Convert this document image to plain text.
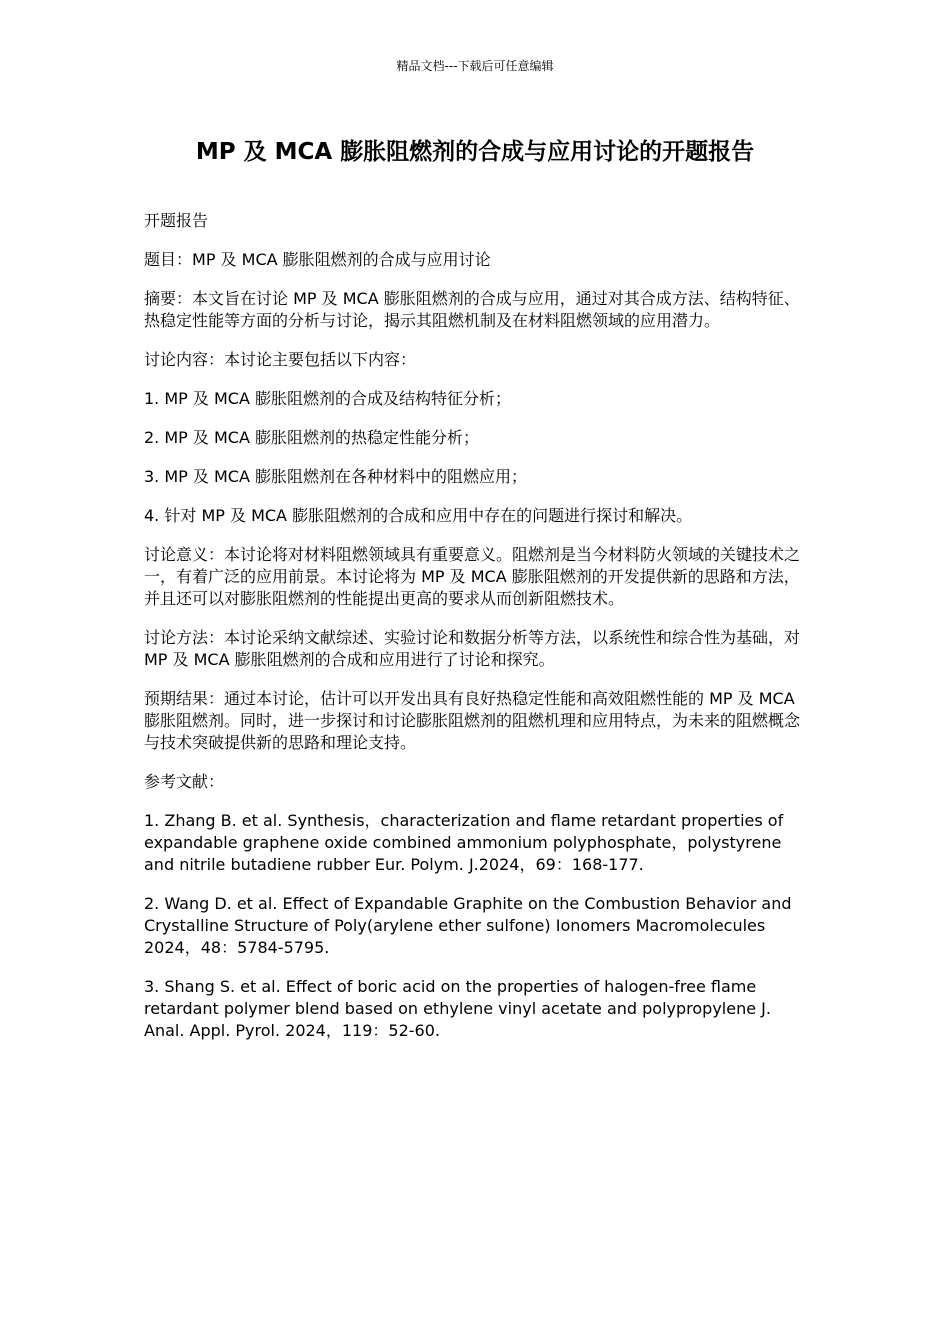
精品文档---下载后可任意编辑
MP 及 MCA 膨胀阻燃剂的合成与应用讨论的开题报告

开题报告

题目：MP 及 MCA 膨胀阻燃剂的合成与应用讨论

摘要：本文旨在讨论 MP 及 MCA 膨胀阻燃剂的合成与应用，通过对其合成方法、结构特征、热稳定性能等方面的分析与讨论，揭示其阻燃机制及在材料阻燃领域的应用潜力。

讨论内容：本讨论主要包括以下内容：

1. MP 及 MCA 膨胀阻燃剂的合成及结构特征分析；

2. MP 及 MCA 膨胀阻燃剂的热稳定性能分析；

3. MP 及 MCA 膨胀阻燃剂在各种材料中的阻燃应用；

4. 针对 MP 及 MCA 膨胀阻燃剂的合成和应用中存在的问题进行探讨和解决。

讨论意义：本讨论将对材料阻燃领域具有重要意义。阻燃剂是当今材料防火领域的关键技术之一，有着广泛的应用前景。本讨论将为 MP 及 MCA 膨胀阻燃剂的开发提供新的思路和方法，并且还可以对膨胀阻燃剂的性能提出更高的要求从而创新阻燃技术。

讨论方法：本讨论采纳文献综述、实验讨论和数据分析等方法，以系统性和综合性为基础，对 MP 及 MCA 膨胀阻燃剂的合成和应用进行了讨论和探究。

预期结果：通过本讨论，估计可以开发出具有良好热稳定性能和高效阻燃性能的 MP 及 MCA 膨胀阻燃剂。同时，进一步探讨和讨论膨胀阻燃剂的阻燃机理和应用特点，为未来的阻燃概念与技术突破提供新的思路和理论支持。

参考文献：

1. Zhang B. et al. Synthesis，characterization and flame retardant properties of expandable graphene oxide combined ammonium polyphosphate，polystyrene and nitrile butadiene rubber Eur. Polym. J.2024，69：168-177.

2. Wang D. et al. Effect of Expandable Graphite on the Combustion Behavior and Crystalline Structure of Poly(arylene ether sulfone) Ionomers Macromolecules 2024，48：5784-5795.

3. Shang S. et al. Effect of boric acid on the properties of halogen-free flame retardant polymer blend based on ethylene vinyl acetate and polypropylene J. Anal. Appl. Pyrol. 2024，119：52-60.
